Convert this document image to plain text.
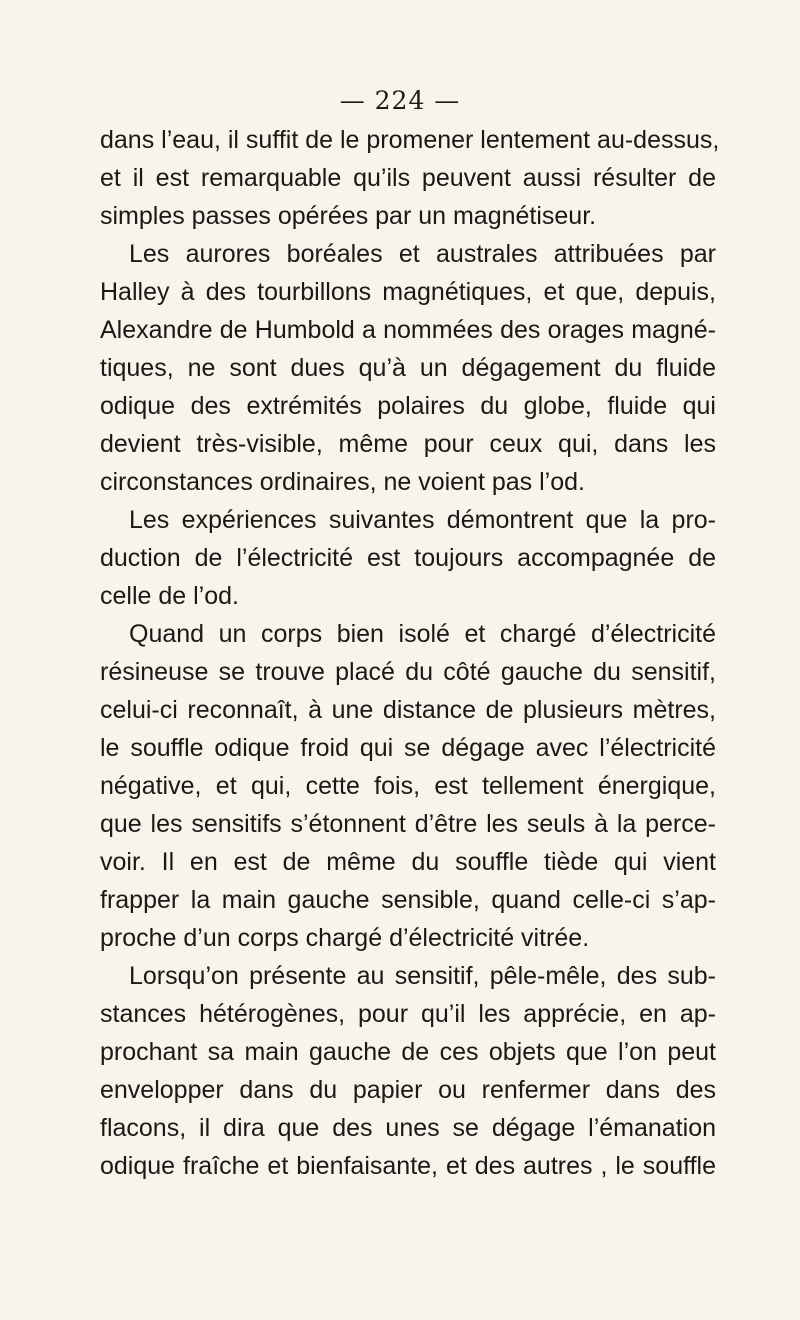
— 224 —
dans l’eau, il suffit de le promener lentement au-dessus,
et il est remarquable qu’ils peuvent aussi résulter de
simples passes opérées par un magnétiseur.
Les aurores boréales et australes attribuées par
Halley à des tourbillons magnétiques, et que, depuis,
Alexandre de Humbold a nommées des orages magné-
tiques, ne sont dues qu’à un dégagement du fluide
odique des extrémités polaires du globe, fluide qui
devient très-visible, même pour ceux qui, dans les
circonstances ordinaires, ne voient pas l’od.
Les expériences suivantes démontrent que la pro-
duction de l’électricité est toujours accompagnée de
celle de l’od.
Quand un corps bien isolé et chargé d’électricité
résineuse se trouve placé du côté gauche du sensitif,
celui-ci reconnaît, à une distance de plusieurs mètres,
le souffle odique froid qui se dégage avec l’électricité
négative, et qui, cette fois, est tellement énergique,
que les sensitifs s’étonnent d’être les seuls à la perce-
voir. Il en est de même du souffle tiède qui vient
frapper la main gauche sensible, quand celle-ci s’ap-
proche d’un corps chargé d’électricité vitrée.
Lorsqu’on présente au sensitif, pêle-mêle, des sub-
stances hétérogènes, pour qu’il les apprécie, en ap-
prochant sa main gauche de ces objets que l’on peut
envelopper dans du papier ou renfermer dans des
flacons, il dira que des unes se dégage l’émanation
odique fraîche et bienfaisante, et des autres , le souffle
